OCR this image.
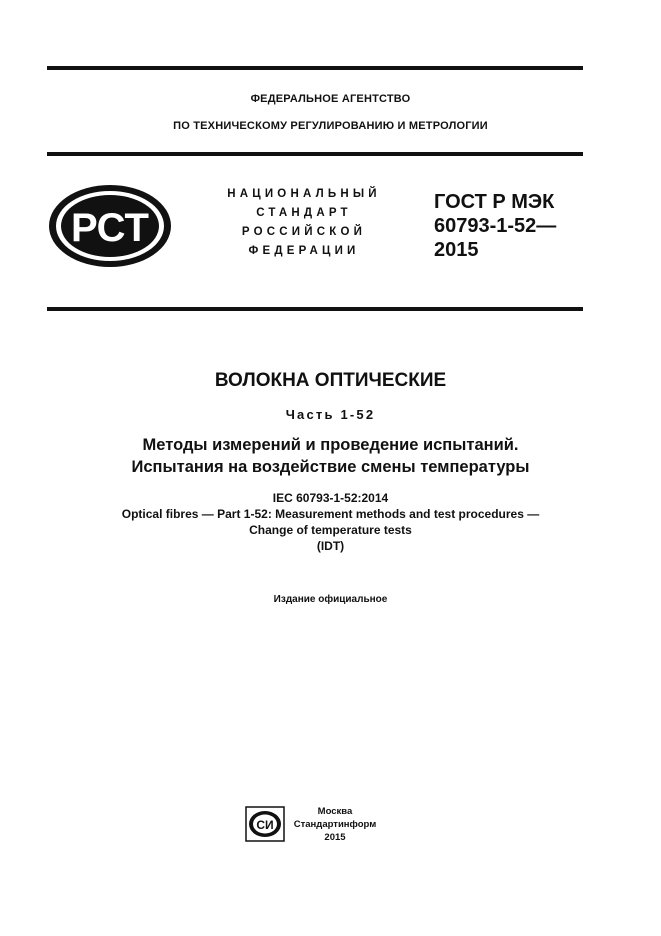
ФЕДЕРАЛЬНОЕ АГЕНТСТВО
ПО ТЕХНИЧЕСКОМУ РЕГУЛИРОВАНИЮ И МЕТРОЛОГИИ
РСТ
НАЦИОНАЛЬНЫЙ
СТАНДАРТ
РОССИЙСКОЙ
ФЕДЕРАЦИИ
ГОСТ Р МЭК
60793-1-52—
2015
ВОЛОКНА ОПТИЧЕСКИЕ
Часть 1-52
Методы измерений и проведение испытаний.
Испытания на воздействие смены температуры
IEC 60793-1-52:2014
Optical fibres — Part 1-52: Measurement methods and test procedures —
Change of temperature tests
(IDT)
Издание официальное
СИ
Москва
Стандартинформ
2015
